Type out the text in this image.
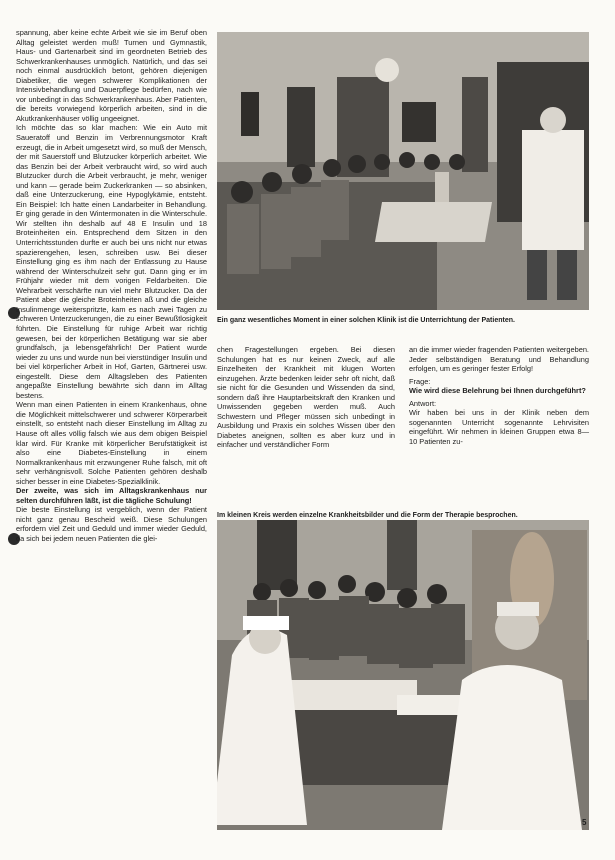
spannung, aber keine echte Arbeit wie sie im Beruf oben Alltag geleistet werden muß! Turnen und Gymnastik, Haus- und Gartenarbeit sind im geordneten Betrieb des Schwerkrankenhauses unmöglich. Natürlich, und das sei noch einmal ausdrücklich betont, gehören diejenigen Diabetiker, die wegen schwerer Komplikationen der Intensivbehandlung und Dauerpflege bedürfen, nach wie vor unbedingt in das Schwerkrankenhaus. Aber Patienten, die bereits vorwiegend körperlich arbeiten, sind in die Akutkrankenhäuser völlig ungeeignet.

Ich möchte das so klar machen: Wie ein Auto mit Saueratoff und Benzin im Verbrennungsmotor Kraft erzeugt, die in Arbeit umgesetzt wird, so muß der Mensch, der mit Sauerstoff und Blutzucker körperlich arbeitet. Wie das Benzin bei der Arbeit verbraucht wird, so wird auch Blutzucker durch die Arbeit verbraucht, je mehr, weniger und kann — gerade beim Zuckerkranken — so absinken, daß eine Unterzuckerung, eine Hypoglykämie, entsteht. Ein Beispiel: Ich hatte einen Landarbeiter in Behandlung. Er ging gerade in den Wintermonaten in die Winterschule. Wir stellten ihn deshalb auf 48 E Insulin und 18 Broteinheiten ein. Entsprechend dem Sitzen in den Unterrichtsstunden durfte er auch bei uns nicht nur etwas spazierengehen, lesen, schreiben usw. Bei dieser Einstellung ging es ihm nach der Entlassung zu Hause während der Winterschulzeit sehr gut. Dann ging er im Frühjahr wieder mit dem vorigen Feldarbeiten. Die Wehrarbeit verschärfte nun viel mehr Blutzucker. Da der Patient aber die gleiche Broteinheiten aß und die gleiche Insulinmenge weiterspritzte, kam es nach zwei Tagen zu schweren Unterzuckerungen, die zu einer Bewußtlosigkeit führten. Die Einstellung für ruhige Arbeit war richtig gewesen, bei der körperlichen Betätigung war sie aber grundfalsch, ja lebensgefährlich! Der Patient wurde wieder zu uns und wurde nun bei vierstündiger Insulin und bei viel körperlicher Arbeit in Hof, Garten, Gärtnerei usw. eingestellt. Diese dem Alltagsleben des Patienten angepaßte Einstellung bewährte sich dann im Alltag bestens.

Wenn man einen Patienten in einem Krankenhaus, ohne die Möglichkeit mittelschwerer und schwerer Körperarbeit einstellt, so entsteht nach dieser Einstellung im Alltag zu Hause oft alles völlig falsch wie aus dem obigen Beispiel klar wird. Für Kranke mit körperlicher Berufstätigkeit ist also eine Diabetes-Einstellung in einem Normalkrankenhaus mit erzwungener Ruhe falsch, mit oft sehr verhängnisvoll. Solche Patienten gehören deshalb sicher besser in eine Diabetes-Spezialklinik.

Der zweite, was sich im Alltagskrankenhaus nur selten durchführen läßt, ist die tägliche Schulung!

Die beste Einstellung ist vergeblich, wenn der Patient nicht ganz genau Bescheid weiß. Diese Schulungen erfordern viel Zeit und Geduld und immer wieder Geduld, da sich bei jedem neuen Patienten die glei-

Ein ganz wesentliches Moment in einer solchen Klinik ist die Unterrichtung der Patienten.

chen Fragestellungen ergeben. Bei diesen Schulungen hat es nur keinen Zweck, auf alle Einzelheiten der Krankheit mit klugen Worten einzugehen. Ärzte bedenken leider sehr oft nicht, daß sie nicht für die Gesunden und Wissenden da sind, sondern daß ihre Hauptarbeitskraft den Kranken und Unwissenden gegeben werden muß. Auch Schwestern und Pfleger müssen sich unbedingt in Ausbildung und Praxis ein solches Wissen über den Diabetes aneignen, sollten es aber kurz und in einfacher und verständlicher Form

an die immer wieder fragenden Patienten weitergeben. Jeder selbständigen Beratung und Behandlung erfolgen, um es geringer fester Erfolg!

Frage:

Wie wird diese Belehrung bei Ihnen durchgeführt?

Antwort:

Wir haben bei uns in der Klinik neben dem sogenannten Unterricht sogenannte Lehrvisiten eingeführt. Wir nehmen in kleinen Gruppen etwa 8—10 Patienten zu-

Im kleinen Kreis werden einzelne Krankheitsbilder und die Form der Therapie besprochen.
5
